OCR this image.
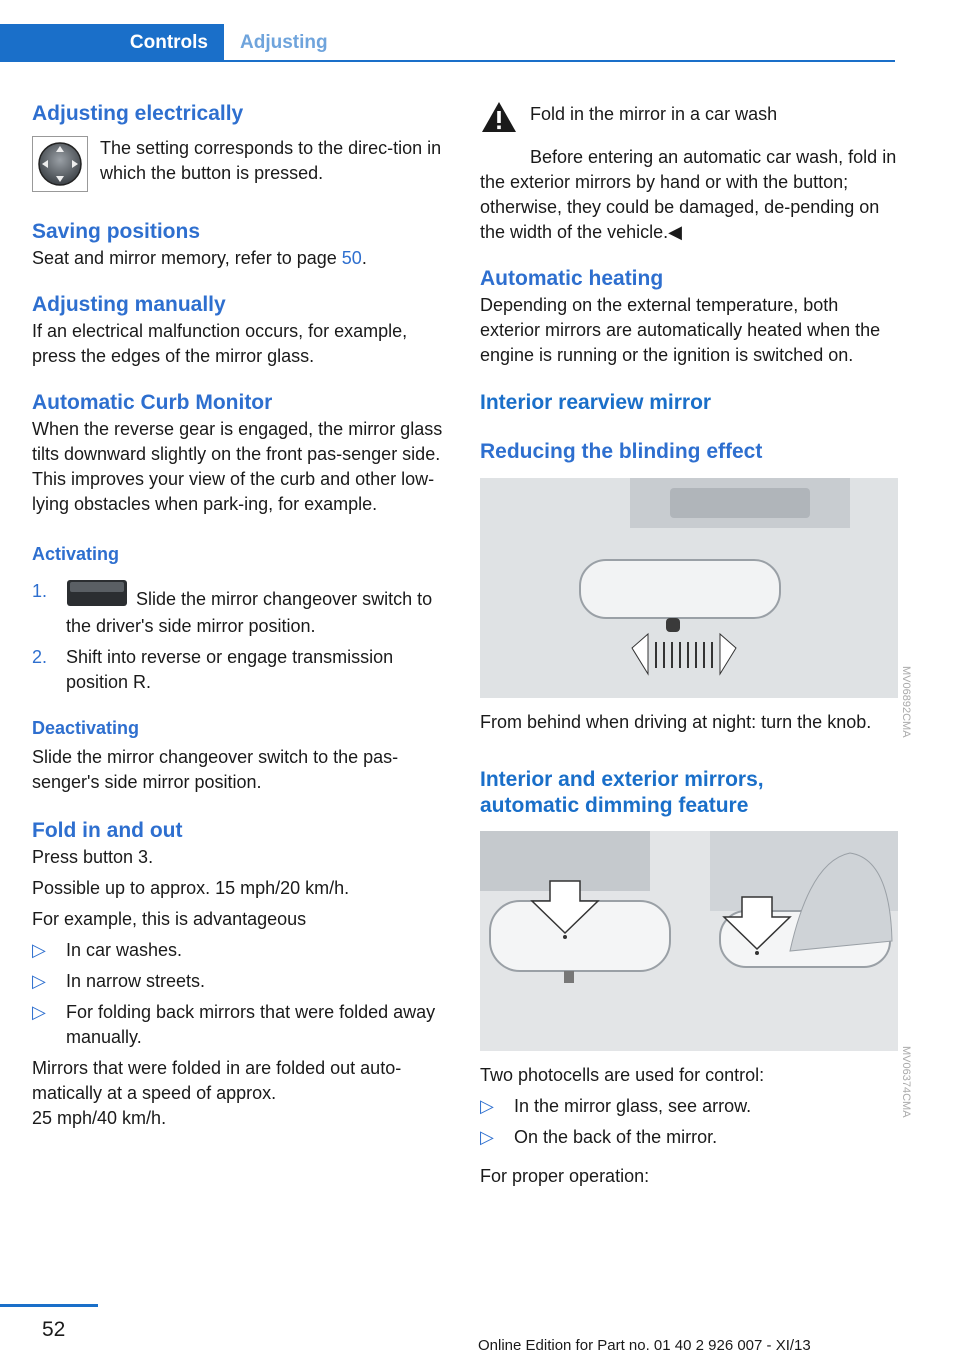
Controls	Adjusting
Adjusting electrically

The setting corresponds to the direc-tion in which the button is pressed.

Saving positions

Seat and mirror memory, refer to page 50.

Adjusting manually

If an electrical malfunction occurs, for example, press the edges of the mirror glass.

Automatic Curb Monitor

When the reverse gear is engaged, the mirror glass tilts downward slightly on the front pas-senger side. This improves your view of the curb and other low-lying obstacles when park-ing, for example.

Activating
1.	Slide the mirror changeover switch to the driver's side mirror position.
2.	Shift into reverse or engage transmission position R.
Deactivating

Slide the mirror changeover switch to the pas-senger's side mirror position.

Fold in and out

Press button 3.

Possible up to approx. 15 mph/20 km/h.

For example, this is advantageous

▷	In car washes.
▷	In narrow streets.
▷	For folding back mirrors that were folded away manually.

Mirrors that were folded in are folded out auto-matically at a speed of approx.

25 mph/40 km/h.

Fold in the mirror in a car wash

Before entering an automatic car wash, fold in the exterior mirrors by hand or with the button; otherwise, they could be damaged, de-pending on the width of the vehicle.◀

Automatic heating

Depending on the external temperature, both exterior mirrors are automatically heated when the engine is running or the ignition is switched on.

Interior rearview mirror
Reducing the blinding effect
MV06892CMA

From behind when driving at night: turn the knob.

Interior and exterior mirrors,
automatic dimming feature
MV06374CMA

Two photocells are used for control:

▷	In the mirror glass, see arrow.
▷	On the back of the mirror.

For proper operation:

52
Online Edition for Part no. 01 40 2 926 007 - XI/13
